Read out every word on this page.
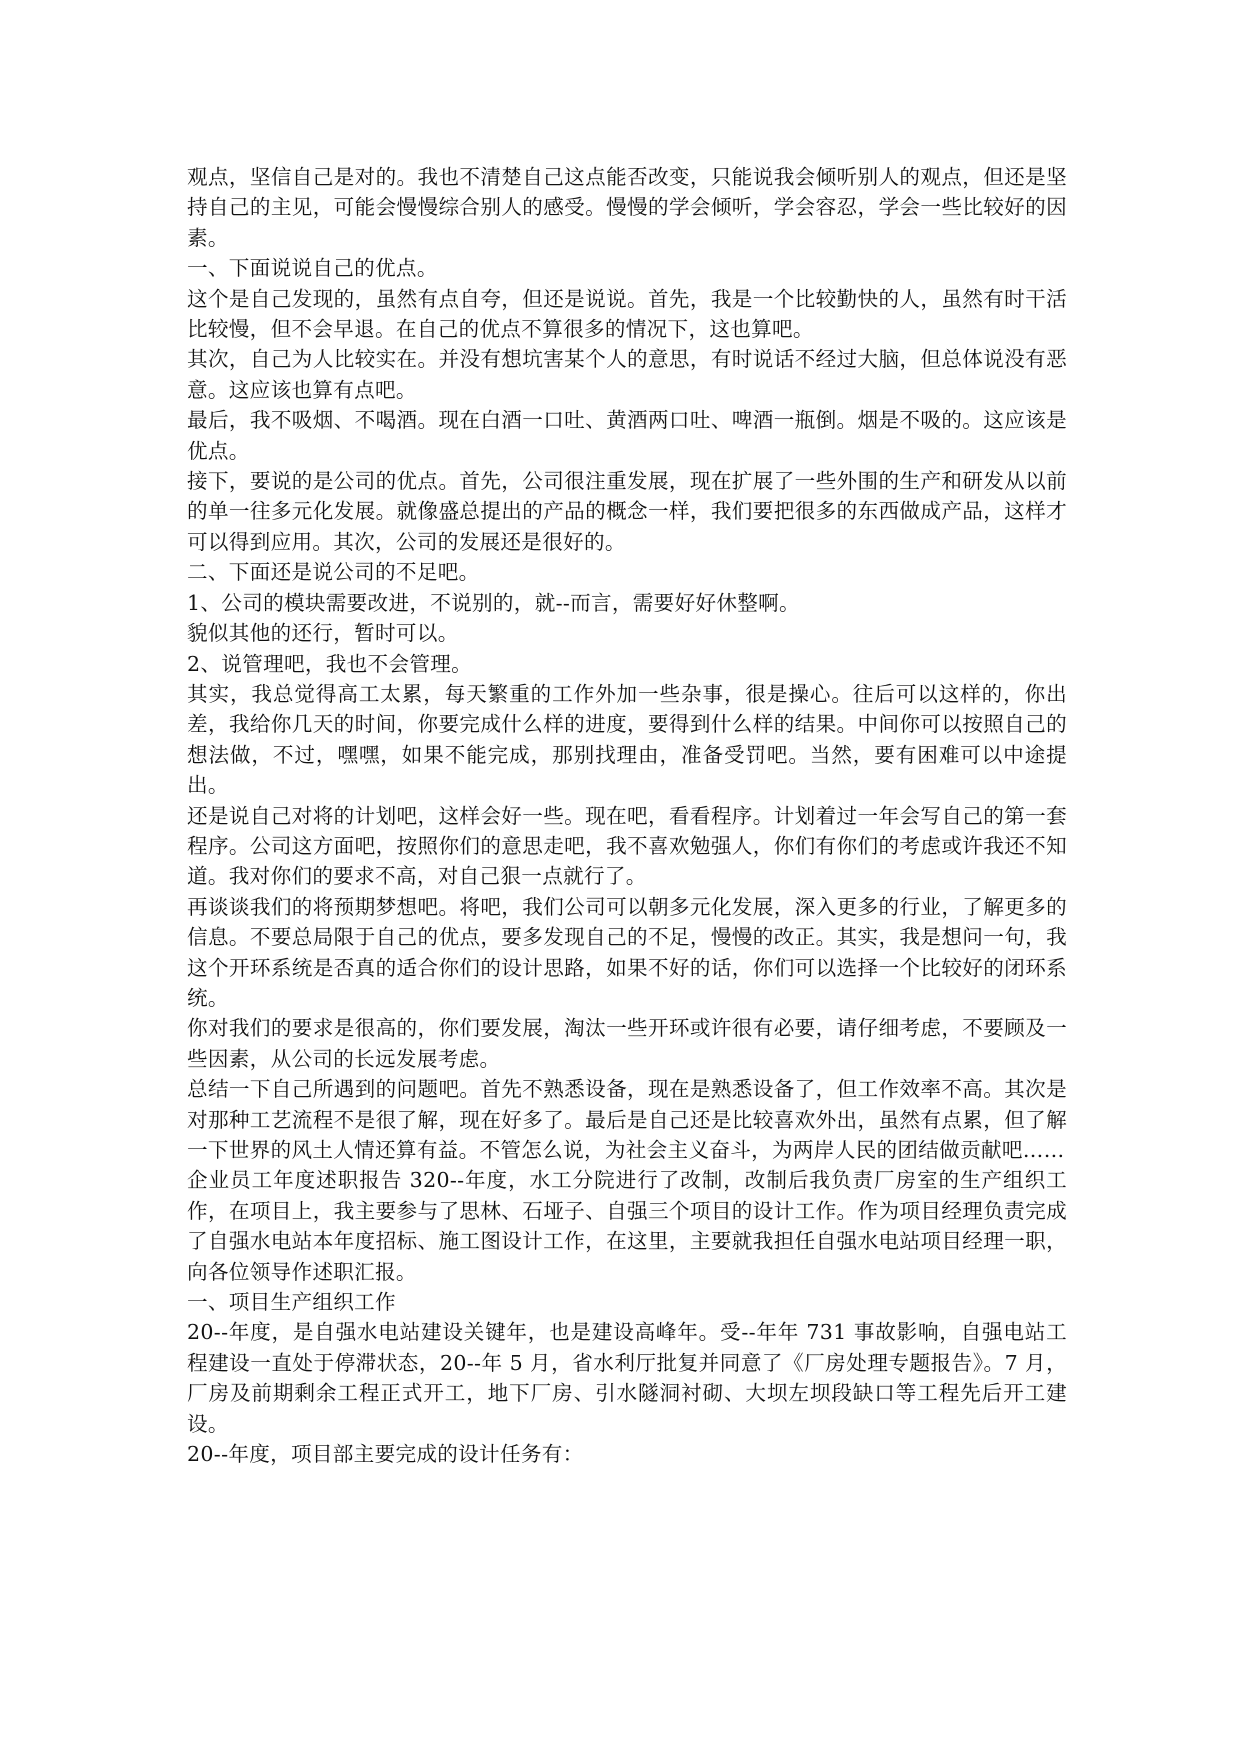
观点，坚信自己是对的。我也不清楚自己这点能否改变，只能说我会倾听别人的观点，但还是坚持自己的主见，可能会慢慢综合别人的感受。慢慢的学会倾听，学会容忍，学会一些比较好的因素。

一、下面说说自己的优点。

这个是自己发现的，虽然有点自夸，但还是说说。首先，我是一个比较勤快的人，虽然有时干活比较慢，但不会早退。在自己的优点不算很多的情况下，这也算吧。

其次，自己为人比较实在。并没有想坑害某个人的意思，有时说话不经过大脑，但总体说没有恶意。这应该也算有点吧。

最后，我不吸烟、不喝酒。现在白酒一口吐、黄酒两口吐、啤酒一瓶倒。烟是不吸的。这应该是优点。

接下，要说的是公司的优点。首先，公司很注重发展，现在扩展了一些外围的生产和研发从以前的单一往多元化发展。就像盛总提出的产品的概念一样，我们要把很多的东西做成产品，这样才可以得到应用。其次，公司的发展还是很好的。

二、下面还是说公司的不足吧。

1、公司的模块需要改进，不说别的，就--而言，需要好好休整啊。

貌似其他的还行，暂时可以。

2、说管理吧，我也不会管理。

其实，我总觉得高工太累，每天繁重的工作外加一些杂事，很是操心。往后可以这样的，你出差，我给你几天的时间，你要完成什么样的进度，要得到什么样的结果。中间你可以按照自己的想法做，不过，嘿嘿，如果不能完成，那别找理由，准备受罚吧。当然，要有困难可以中途提出。

还是说自己对将的计划吧，这样会好一些。现在吧，看看程序。计划着过一年会写自己的第一套程序。公司这方面吧，按照你们的意思走吧，我不喜欢勉强人，你们有你们的考虑或许我还不知道。我对你们的要求不高，对自己狠一点就行了。

再谈谈我们的将预期梦想吧。将吧，我们公司可以朝多元化发展，深入更多的行业，了解更多的信息。不要总局限于自己的优点，要多发现自己的不足，慢慢的改正。其实，我是想问一句，我这个开环系统是否真的适合你们的设计思路，如果不好的话，你们可以选择一个比较好的闭环系统。

你对我们的要求是很高的，你们要发展，淘汰一些开环或许很有必要，请仔细考虑，不要顾及一些因素，从公司的长远发展考虑。

总结一下自己所遇到的问题吧。首先不熟悉设备，现在是熟悉设备了，但工作效率不高。其次是对那种工艺流程不是很了解，现在好多了。最后是自己还是比较喜欢外出，虽然有点累，但了解一下世界的风土人情还算有益。不管怎么说，为社会主义奋斗，为两岸人民的团结做贡献吧……

企业员工年度述职报告 320--年度，水工分院进行了改制，改制后我负责厂房室的生产组织工作，在项目上，我主要参与了思林、石垭子、自强三个项目的设计工作。作为项目经理负责完成了自强水电站本年度招标、施工图设计工作，在这里，主要就我担任自强水电站项目经理一职，向各位领导作述职汇报。

一、项目生产组织工作

20--年度，是自强水电站建设关键年，也是建设高峰年。受--年年 731 事故影响，自强电站工程建设一直处于停滞状态，20--年 5 月，省水利厅批复并同意了《厂房处理专题报告》。7 月，厂房及前期剩余工程正式开工，地下厂房、引水隧洞衬砌、大坝左坝段缺口等工程先后开工建设。

20--年度，项目部主要完成的设计任务有：
